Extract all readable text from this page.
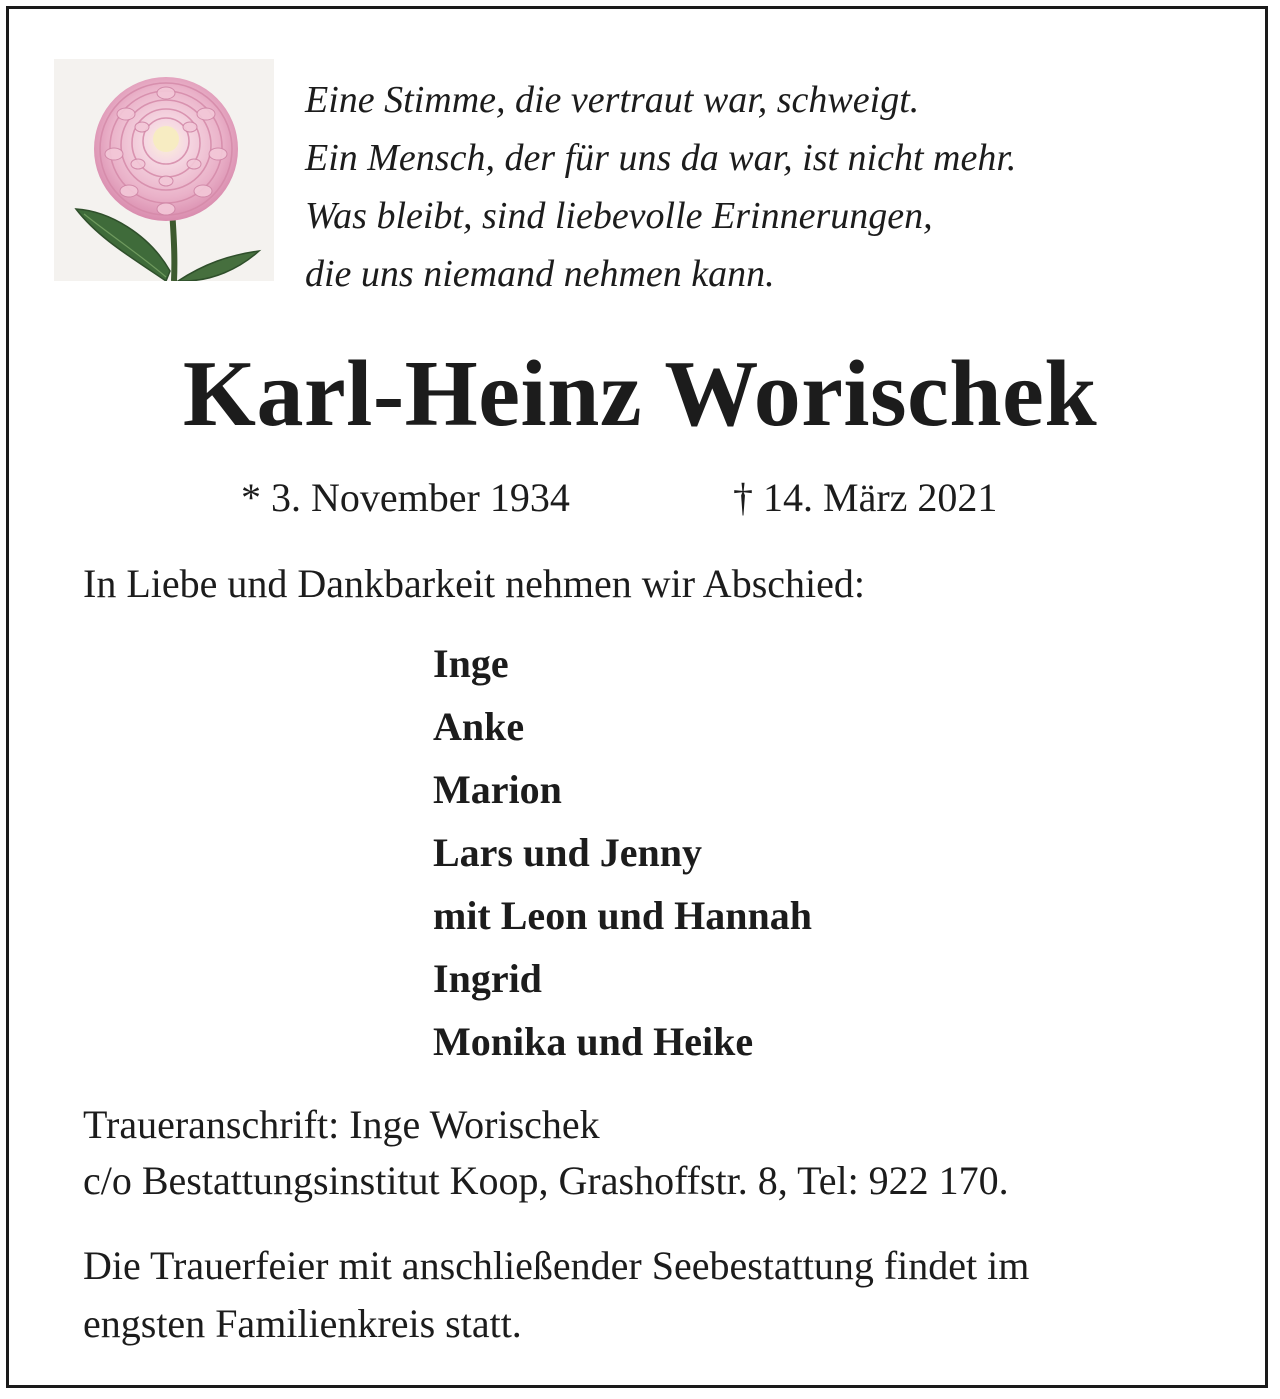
Eine Stimme, die vertraut war, schweigt.
Ein Mensch, der für uns da war, ist nicht mehr.
Was bleibt, sind liebevolle Erinnerungen,
die uns niemand nehmen kann.
Karl-Heinz Worischek
* 3. November 1934	† 14. März 2021
In Liebe und Dankbarkeit nehmen wir Abschied:
Inge
Anke
Marion
Lars und Jenny
mit Leon und Hannah
Ingrid
Monika und Heike
Traueranschrift: Inge Worischek
c/o Bestattungsinstitut Koop, Grashoffstr. 8, Tel: 922 170.
Die Trauerfeier mit anschließender Seebestattung findet im
engsten Familienkreis statt.
